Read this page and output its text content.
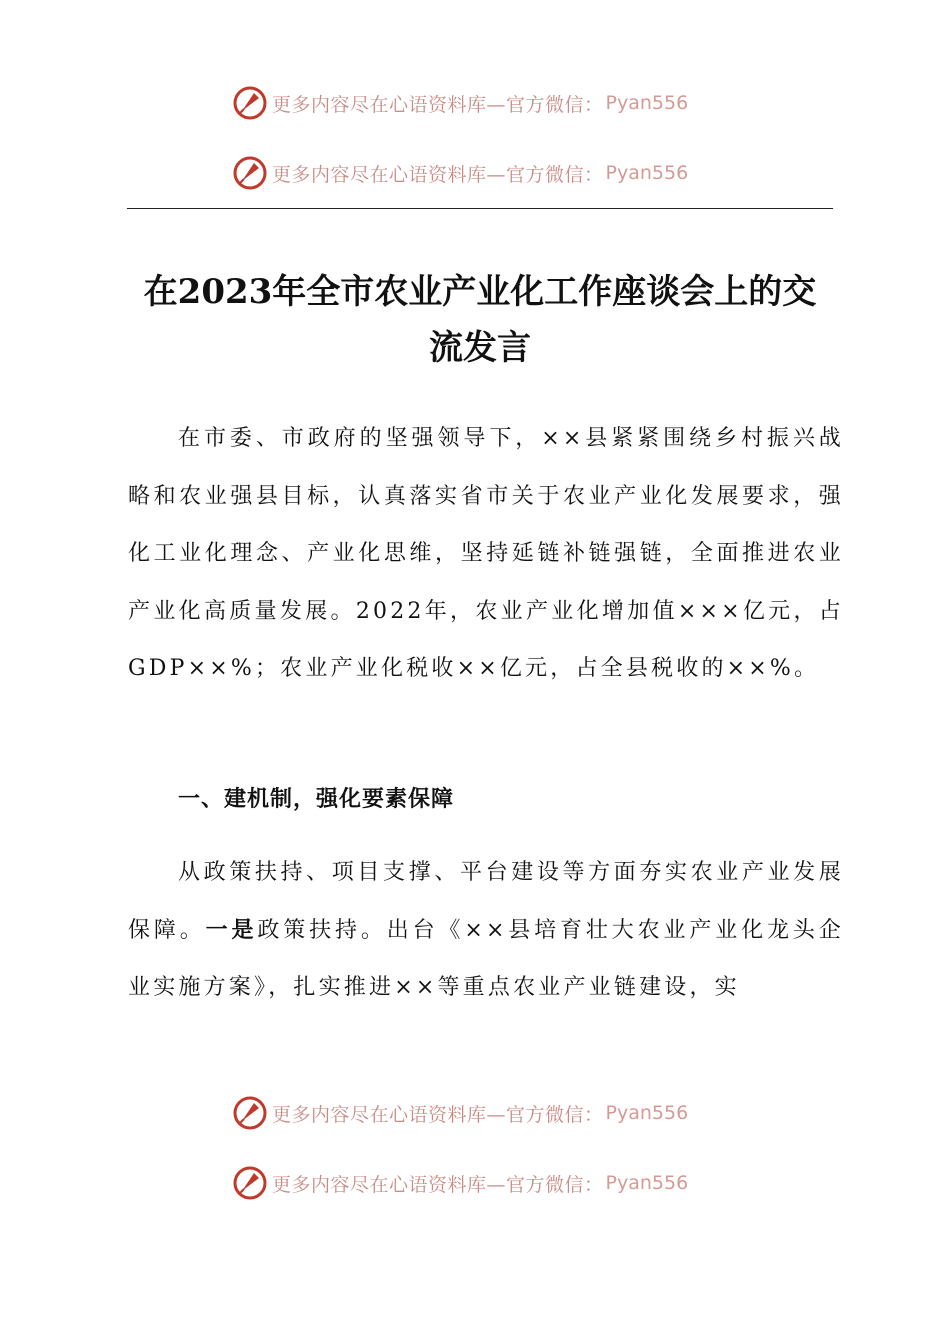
更多内容尽在心语资料库—官方微信： Pyan556
更多内容尽在心语资料库—官方微信： Pyan556
在2023年全市农业产业化工作座谈会上的交
流发言

在市委、市政府的坚强领导下，××县紧紧围绕乡村振兴战略和农业强县目标，认真落实省市关于农业产业化发展要求，强化工业化理念、产业化思维，坚持延链补链强链，全面推进农业产业化高质量发展。2022年，农业产业化增加值×××亿元，占GDP××%；农业产业化税收××亿元，占全县税收的××%。

一、建机制，强化要素保障

从政策扶持、项目支撑、平台建设等方面夯实农业产业发展保障。一是政策扶持。出台《××县培育壮大农业产业化龙头企业实施方案》，扎实推进××等重点农业产业链建设，实

更多内容尽在心语资料库—官方微信： Pyan556
更多内容尽在心语资料库—官方微信： Pyan556
